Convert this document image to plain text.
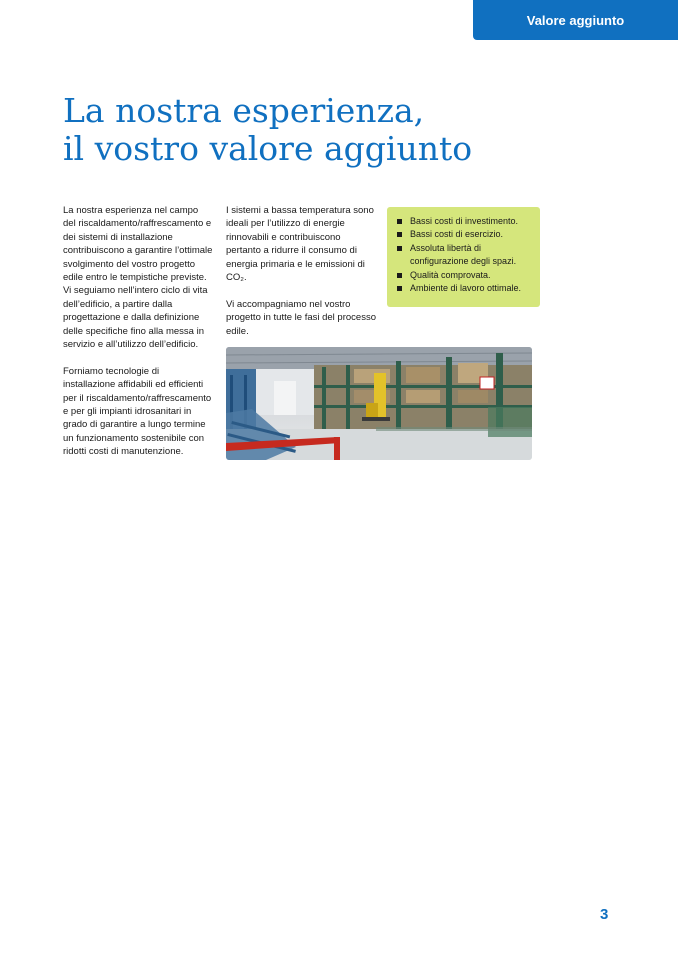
Valore aggiunto
La nostra esperienza,
il vostro valore aggiunto

La nostra esperienza nel campo del riscaldamento/raffrescamento e dei sistemi di installazione contribuiscono a garantire l’ottimale svolgimento del vostro progetto edile entro le tempistiche previste. Vi seguiamo nell’intero ciclo di vita dell’edificio, a partire dalla progettazione e dalla definizione delle specifiche fino alla messa in servizio e all’utilizzo dell’edificio.

Forniamo tecnologie di installazione affidabili ed efficienti per il riscaldamento/raffrescamento e per gli impianti idrosanitari in grado di garantire a lungo termine un funzionamento sostenibile con ridotti costi di manutenzione.

I sistemi a bassa temperatura sono ideali per l’utilizzo di energie rinnovabili e contribuiscono pertanto a ridurre il consumo di energia primaria e le emissioni di CO₂.

Vi accompagniamo nel vostro progetto in tutte le fasi del processo edile.

Bassi costi di investimento.
Bassi costi di esercizio.
Assoluta libertà di configurazione degli spazi.
Qualità comprovata.
Ambiente di lavoro ottimale.
3
